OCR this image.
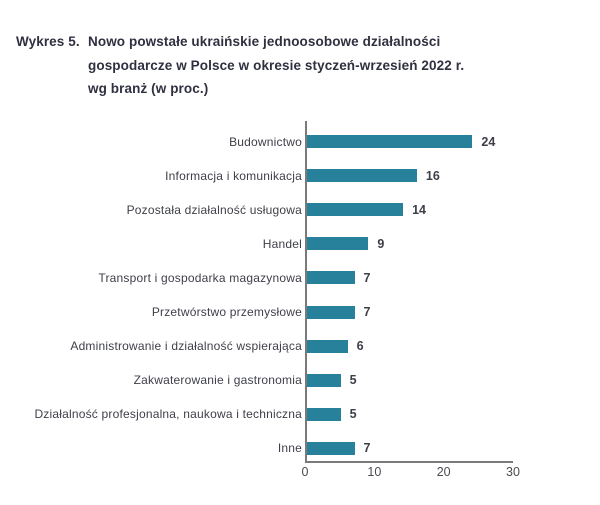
Wykres 5. Nowo powstałe ukraińskie jednoosobowe działalności
gospodarcze w Polsce w okresie styczeń-wrzesień 2022 r.
wg branż (w proc.)
Budownictwo	24
Informacja i komunikacja	16
Pozostała działalność usługowa	14
Handel	9
Transport i gospodarka magazynowa	7
Przetwórstwo przemysłowe	7
Administrowanie i działalność wspierająca	6
Zakwaterowanie i gastronomia	5
Działalność profesjonalna, naukowa i techniczna	5
Inne	7
0	10	20	30
